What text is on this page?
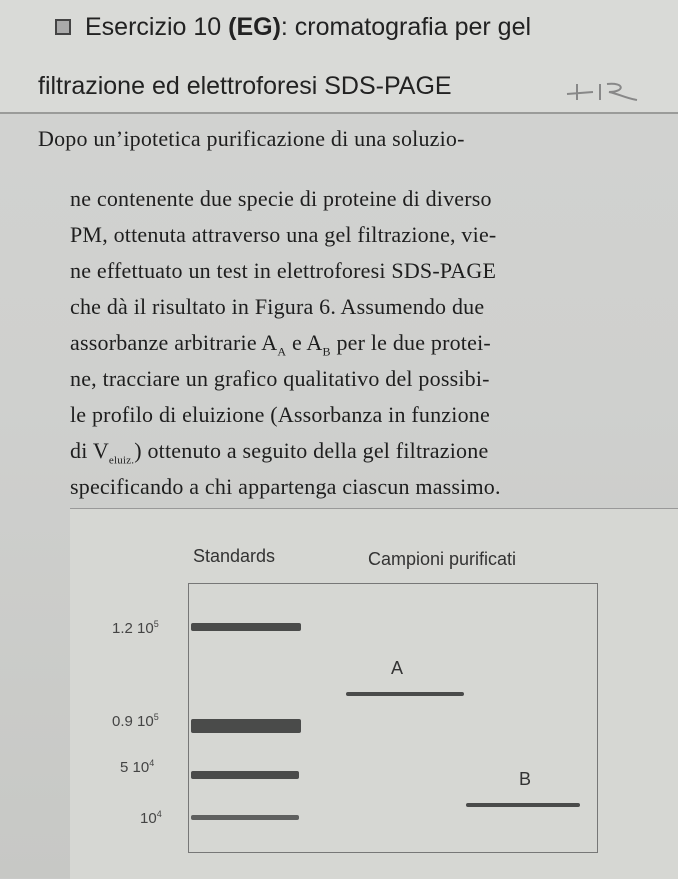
Esercizio 10 (EG): cromatografia per gel
filtrazione ed elettroforesi SDS-PAGE
Dopo un’ipotetica purificazione di una soluzio-
ne contenente due specie di proteine di diverso
PM, ottenuta attraverso una gel filtrazione, vie-
ne effettuato un test in elettroforesi SDS-PAGE
che dà il risultato in Figura 6. Assumendo due
assorbanze arbitrarie $A_A$ e $A_B$ per le due protei-
ne, tracciare un grafico qualitativo del possibi-
le profilo di eluizione (Assorbanza in funzione
di $V_{eluiz.}$) ottenuto a seguito della gel filtrazione
specificando a chi appartenga ciascun massimo.
Standards	Campioni purificati
1.2 $10^5$
0.9 $10^5$
5 $10^4$
$10^4$
A
B
